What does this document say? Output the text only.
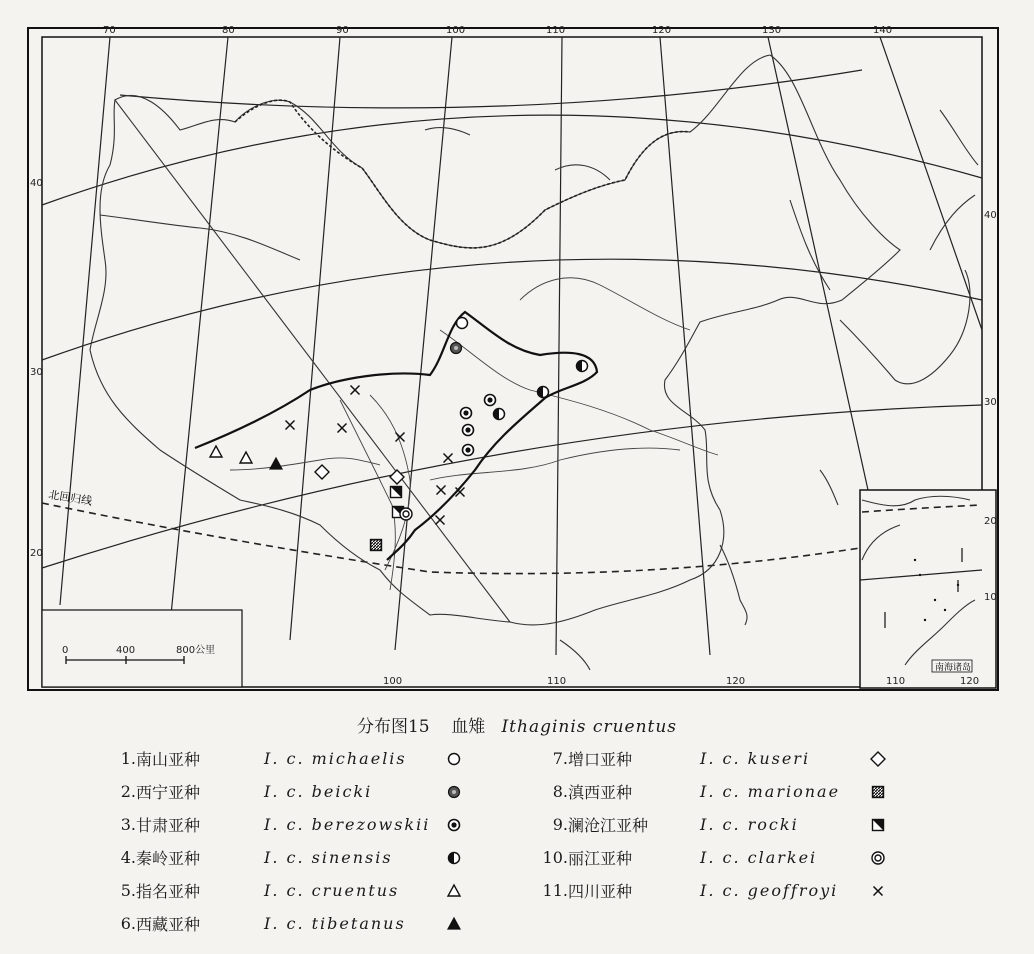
北回归线
70	80	90	100	110	120	130	140
100	110	120
40
30
20
40
30
0	400	800公里
南海诸岛
110	120
20
10
分布图15 血雉 Ithaginis cruentus
1. 南山亚种	I. c. michaelis
2. 西宁亚种	I. c. beicki
3. 甘肃亚种	I. c. berezowskii
4. 秦岭亚种	I. c. sinensis
5. 指名亚种	I. c. cruentus
6. 西藏亚种	I. c. tibetanus
7. 增口亚种	I. c. kuseri
8. 滇西亚种	I. c. marionae
9. 澜沧江亚种	I. c. rocki
10. 丽江亚种	I. c. clarkei
11. 四川亚种	I. c. geoffroyi
